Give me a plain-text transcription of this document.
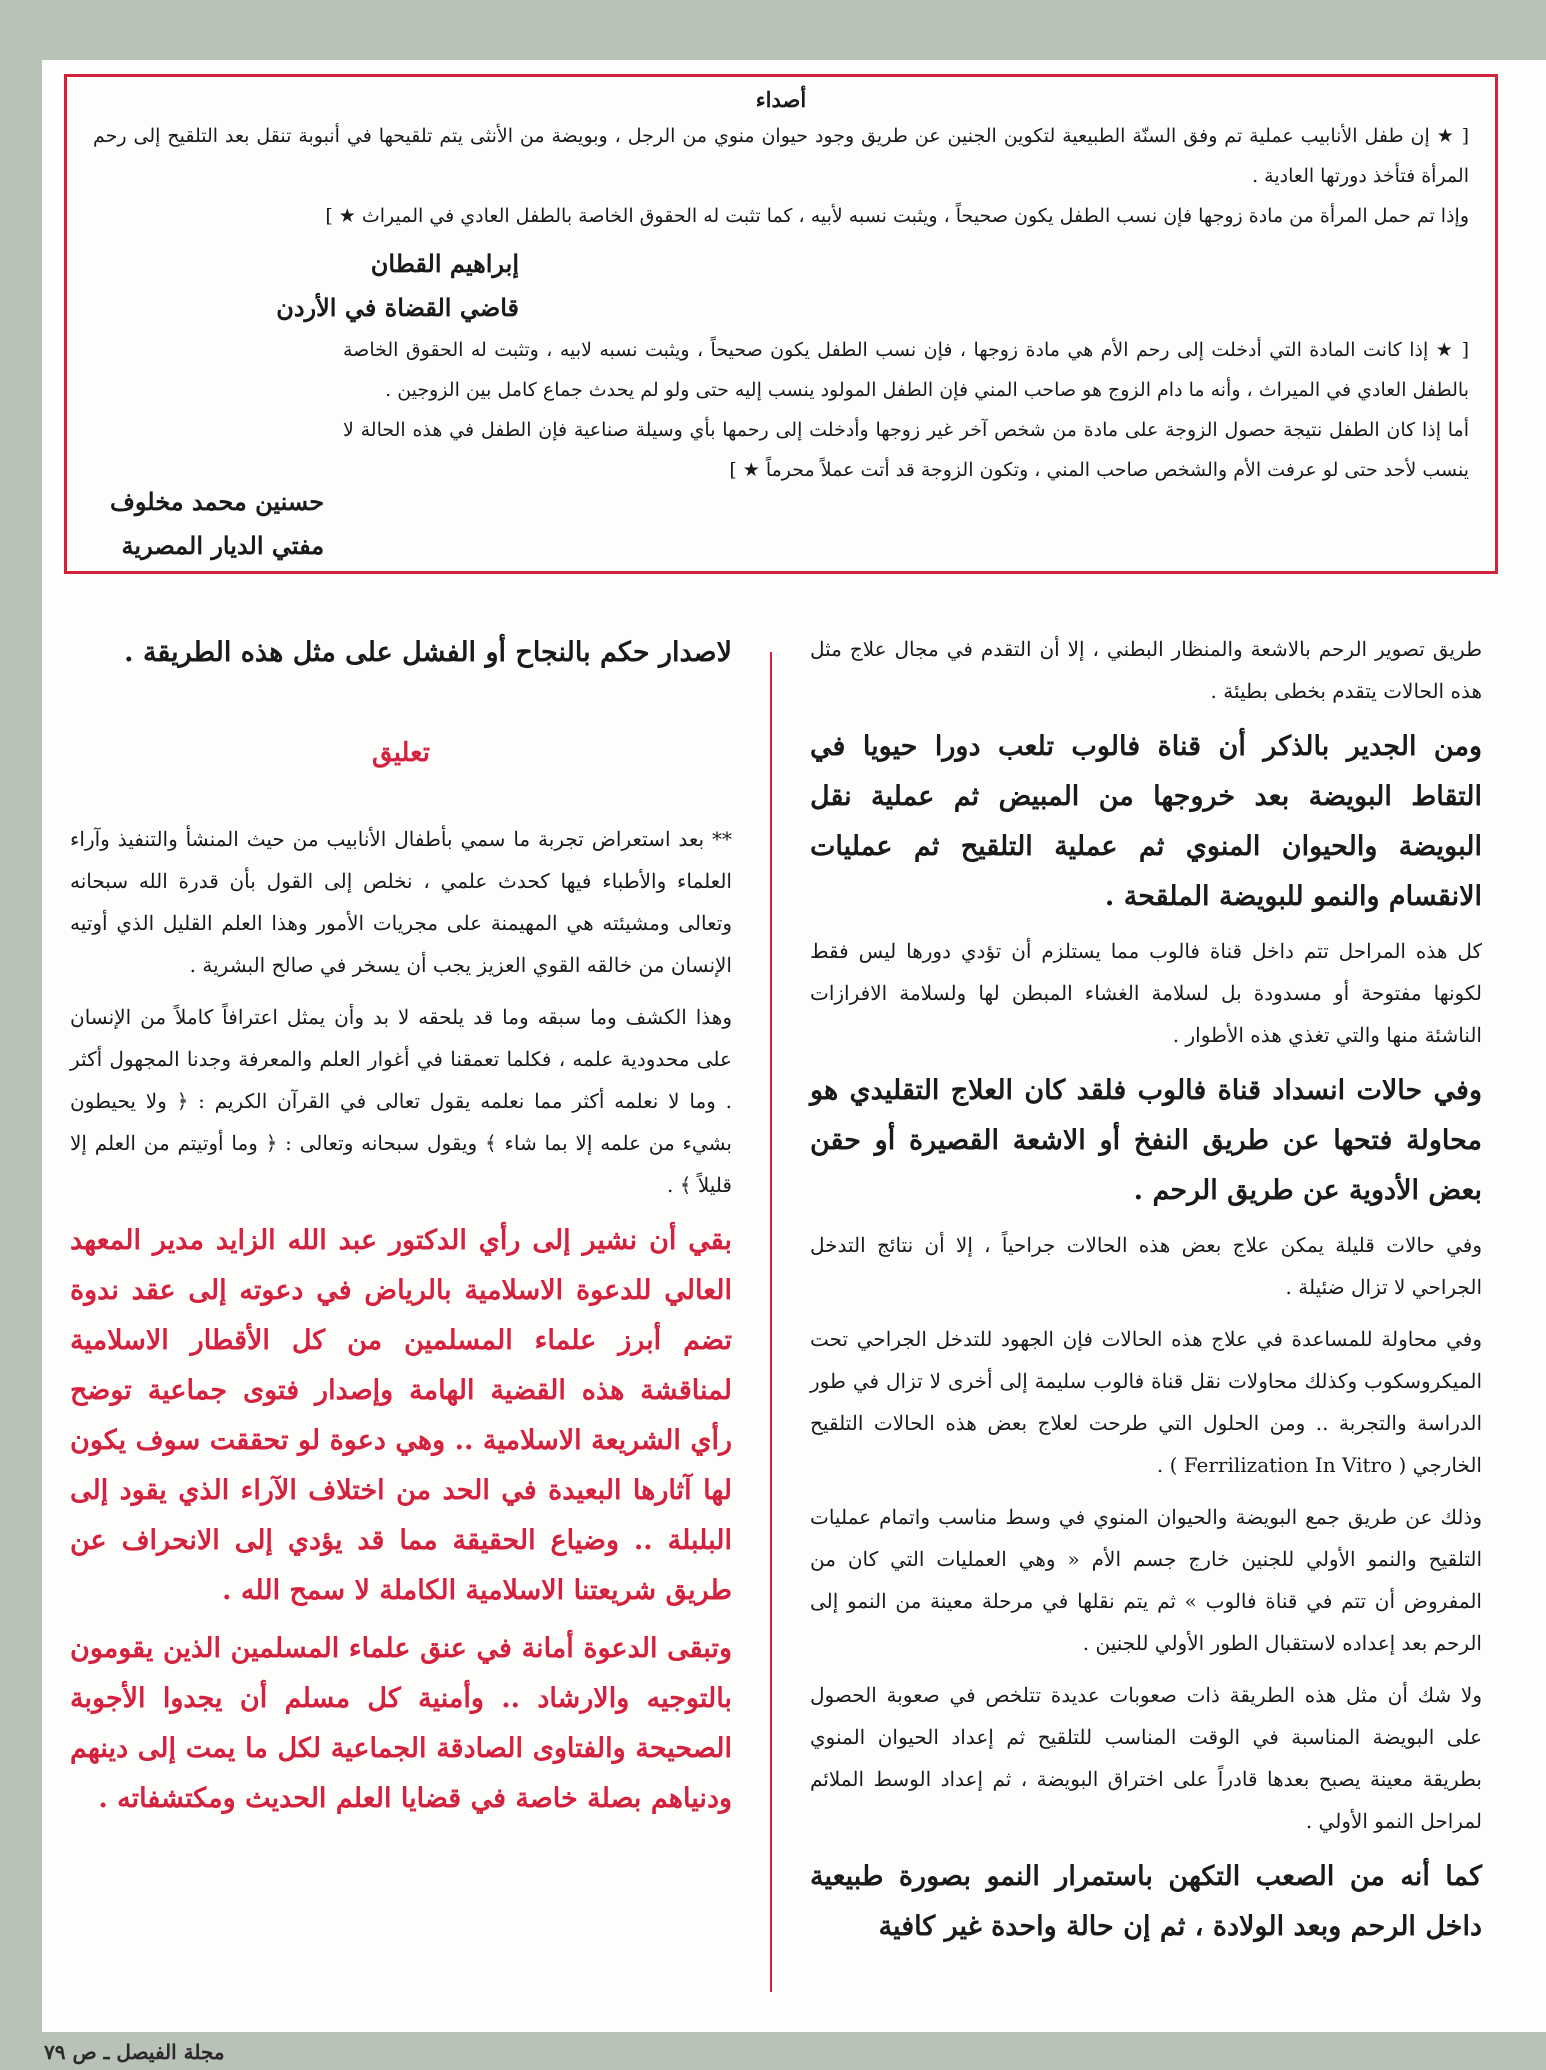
أصداء

[ ★ إن طفل الأنابيب عملية تم وفق السنّة الطبيعية لتكوين الجنين عن طريق وجود حيوان منوي من الرجل ، وبويضة من الأنثى يتم تلقيحها في أنبوبة تنقل بعد التلقيح إلى رحم المرأة فتأخذ دورتها العادية .

وإذا تم حمل المرأة من مادة زوجها فإن نسب الطفل يكون صحيحاً ، ويثبت نسبه لأبيه ، كما تثبت له الحقوق الخاصة بالطفل العادي في الميراث ★ ]

إبراهيم القطان
قاضي القضاة في الأردن

[ ★ إذا كانت المادة التي أدخلت إلى رحم الأم هي مادة زوجها ، فإن نسب الطفل يكون صحيحاً ، ويثبت نسبه لابيه ، وتثبت له الحقوق الخاصة بالطفل العادي في الميراث ، وأنه ما دام الزوج هو صاحب المني فإن الطفل المولود ينسب إليه حتى ولو لم يحدث جماع كامل بين الزوجين .

أما إذا كان الطفل نتيجة حصول الزوجة على مادة من شخص آخر غير زوجها وأدخلت إلى رحمها بأي وسيلة صناعية فإن الطفل في هذه الحالة لا ينسب لأحد حتى لو عرفت الأم والشخص صاحب المني ، وتكون الزوجة قد أتت عملاً محرماً ★ ]

حسنين محمد مخلوف
مفتي الديار المصرية

طريق تصوير الرحم بالاشعة والمنظار البطني ، إلا أن التقدم في مجال علاج مثل هذه الحالات يتقدم بخطى بطيئة .

ومن الجدير بالذكر أن قناة فالوب تلعب دورا حيويا في التقاط البويضة بعد خروجها من المبيض ثم عملية نقل البويضة والحيوان المنوي ثم عملية التلقيح ثم عمليات الانقسام والنمو للبويضة الملقحة .

كل هذه المراحل تتم داخل قناة فالوب مما يستلزم أن تؤدي دورها ليس فقط لكونها مفتوحة أو مسدودة بل لسلامة الغشاء المبطن لها ولسلامة الافرازات الناشئة منها والتي تغذي هذه الأطوار .

وفي حالات انسداد قناة فالوب فلقد كان العلاج التقليدي هو محاولة فتحها عن طريق النفخ أو الاشعة القصيرة أو حقن بعض الأدوية عن طريق الرحم .

وفي حالات قليلة يمكن علاج بعض هذه الحالات جراحياً ، إلا أن نتائج التدخل الجراحي لا تزال ضئيلة .

وفي محاولة للمساعدة في علاج هذه الحالات فإن الجهود للتدخل الجراحي تحت الميكروسكوب وكذلك محاولات نقل قناة فالوب سليمة إلى أخرى لا تزال في طور الدراسة والتجربة .. ومن الحلول التي طرحت لعلاج بعض هذه الحالات التلقيح الخارجي ( Ferrilization In Vitro ) .

وذلك عن طريق جمع البويضة والحيوان المنوي في وسط مناسب واتمام عمليات التلقيح والنمو الأولي للجنين خارج جسم الأم « وهي العمليات التي كان من المفروض أن تتم في قناة فالوب » ثم يتم نقلها في مرحلة معينة من النمو إلى الرحم بعد إعداده لاستقبال الطور الأولي للجنين .

ولا شك أن مثل هذه الطريقة ذات صعوبات عديدة تتلخص في صعوبة الحصول على البويضة المناسبة في الوقت المناسب للتلقيح ثم إعداد الحيوان المنوي بطريقة معينة يصبح بعدها قادراً على اختراق البويضة ، ثم إعداد الوسط الملائم لمراحل النمو الأولي .

كما أنه من الصعب التكهن باستمرار النمو بصورة طبيعية داخل الرحم وبعد الولادة ، ثم إن حالة واحدة غير كافية

لاصدار حكم بالنجاح أو الفشل على مثل هذه الطريقة .

تعليق

** بعد استعراض تجربة ما سمي بأطفال الأنابيب من حيث المنشأ والتنفيذ وآراء العلماء والأطباء فيها كحدث علمي ، نخلص إلى القول بأن قدرة الله سبحانه وتعالى ومشيئته هي المهيمنة على مجريات الأمور وهذا العلم القليل الذي أوتيه الإنسان من خالقه القوي العزيز يجب أن يسخر في صالح البشرية .

وهذا الكشف وما سبقه وما قد يلحقه لا بد وأن يمثل اعترافاً كاملاً من الإنسان على محدودية علمه ، فكلما تعمقنا في أغوار العلم والمعرفة وجدنا المجهول أكثر . وما لا نعلمه أكثر مما نعلمه يقول تعالى في القرآن الكريم : ﴿ ولا يحيطون بشيء من علمه إلا بما شاء ﴾ ويقول سبحانه وتعالى : ﴿ وما أوتيتم من العلم إلا قليلاً ﴾ .

بقي أن نشير إلى رأي الدكتور عبد الله الزايد مدير المعهد العالي للدعوة الاسلامية بالرياض في دعوته إلى عقد ندوة تضم أبرز علماء المسلمين من كل الأقطار الاسلامية لمناقشة هذه القضية الهامة وإصدار فتوى جماعية توضح رأي الشريعة الاسلامية .. وهي دعوة لو تحققت سوف يكون لها آثارها البعيدة في الحد من اختلاف الآراء الذي يقود إلى البلبلة .. وضياع الحقيقة مما قد يؤدي إلى الانحراف عن طريق شريعتنا الاسلامية الكاملة لا سمح الله .

وتبقى الدعوة أمانة في عنق علماء المسلمين الذين يقومون بالتوجيه والارشاد .. وأمنية كل مسلم أن يجدوا الأجوبة الصحيحة والفتاوى الصادقة الجماعية لكل ما يمت إلى دينهم ودنياهم بصلة خاصة في قضايا العلم الحديث ومكتشفاته .

مجلة الفيصل ـ ص ٧٩
